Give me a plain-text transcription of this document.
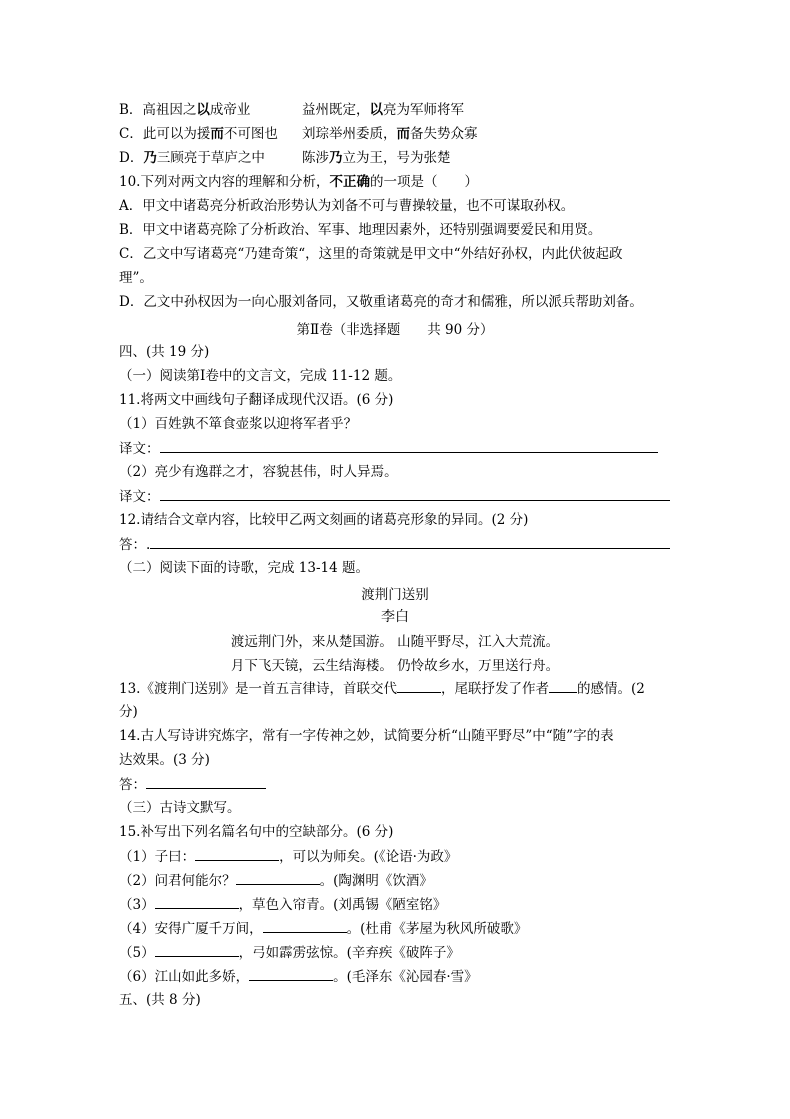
B．高祖因之以成帝业	益州既定，以亮为军师将军
C．此可以为援而不可图也 刘琮举州委质，而备失势众寡
D．乃三顾亮于草庐之中	陈涉乃立为王，号为张楚
10.下列对两文内容的理解和分析，不正确的一项是（　　）
A．甲文中诸葛亮分析政治形势认为刘备不可与曹操较量，也不可谋取孙权。
B．甲文中诸葛亮除了分析政治、军事、地理因素外，还特别强调要爱民和用贤。
C．乙文中写诸葛亮“乃建奇策“，这里的奇策就是甲文中“外结好孙权，内此伏彼起政
理”。
D．乙文中孙权因为一向心服刘备同，又敬重诸葛亮的奇才和儒雅，所以派兵帮助刘备。
第Ⅱ卷（非选择题　　共 90 分）
四、(共 19 分)
（一）阅读第Ⅰ卷中的文言文，完成 11-12 题。
11.将两文中画线句子翻译成现代汉语。(6 分)
（1）百姓孰不箪食壶浆以迎将军者乎？
译文：
（2）亮少有逸群之才，容貌甚伟，时人异焉。
译文：
12.请结合文章内容，比较甲乙两文刻画的诸葛亮形象的异同。(2 分)
答：.
（二）阅读下面的诗歌，完成 13-14 题。
渡荆门送别
李白
渡远荆门外，来从楚国游。 山随平野尽，江入大荒流。
月下飞天镜，云生结海楼。 仍怜故乡水，万里送行舟。
13.《渡荆门送别》是一首五言律诗，首联交代	，尾联抒发了作者 的感情。(2
分)
14.古人写诗讲究炼字，常有一字传神之妙，试简要分析“山随平野尽”中“随”字的表
达效果。(3 分)
答：
（三）古诗文默写。
15.补写出下列名篇名句中的空缺部分。(6 分)
（1）子曰：	，可以为师矣。(《论语·为政》
（2）问君何能尔？	。(陶渊明《饮酒》
（3）	，草色入帘青。(刘禹锡《陋室铭》
（4）安得广厦千万间，	。(杜甫《茅屋为秋风所破歌》
（5）	，弓如霹雳弦惊。(辛弃疾《破阵子》
（6）江山如此多娇，	。(毛泽东《沁园春·雪》
五、(共 8 分)
